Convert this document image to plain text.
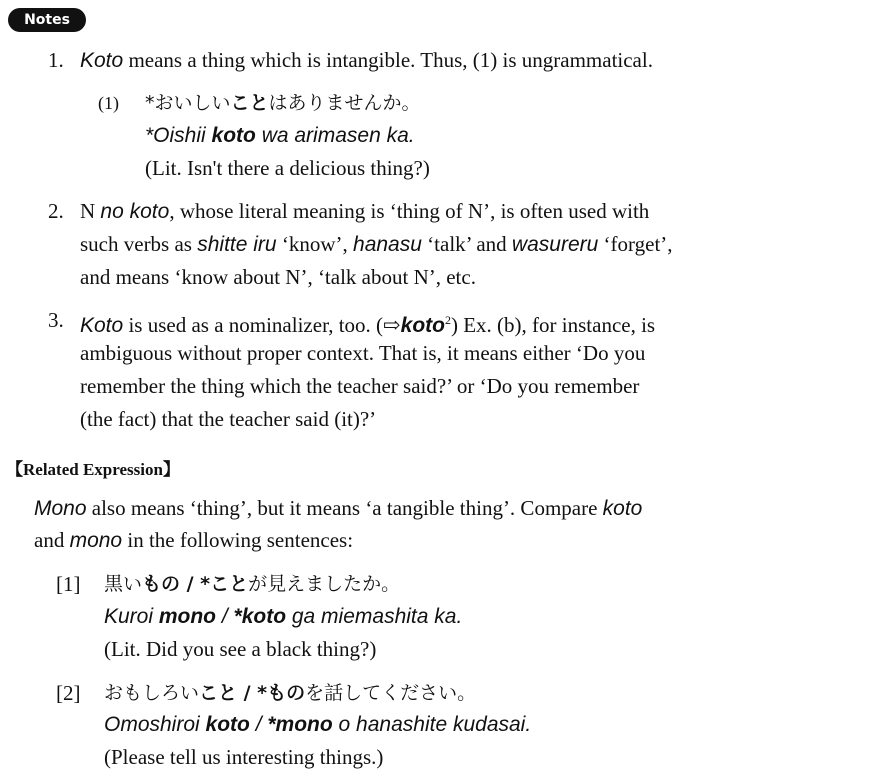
Notes
1. Koto means a thing which is intangible. Thus, (1) is ungrammatical.
(1) *おいしいことはありませんか。
*Oishii koto wa arimasen ka.
(Lit. Isn't there a delicious thing?)
2. N no koto, whose literal meaning is ‘thing of N’, is often used with
such verbs as shitte iru ‘know’, hanasu ‘talk’ and wasureru ‘forget’,
and means ‘know about N’, ‘talk about N’, etc.
3. Koto is used as a nominalizer, too. (⇨koto$^2$) Ex. (b), for instance, is
ambiguous without proper context. That is, it means either ‘Do you
remember the thing which the teacher said?’ or ‘Do you remember
(the fact) that the teacher said (it)?’
【Related Expression】
Mono also means ‘thing’, but it means ‘a tangible thing’. Compare koto
and mono in the following sentences:
[1] 黒いもの / *ことが見えましたか。
Kuroi mono / *koto ga miemashita ka.
(Lit. Did you see a black thing?)
[2] おもしろいこと / *ものを話してください。
Omoshiroi koto / *mono o hanashite kudasai.
(Please tell us interesting things.)
